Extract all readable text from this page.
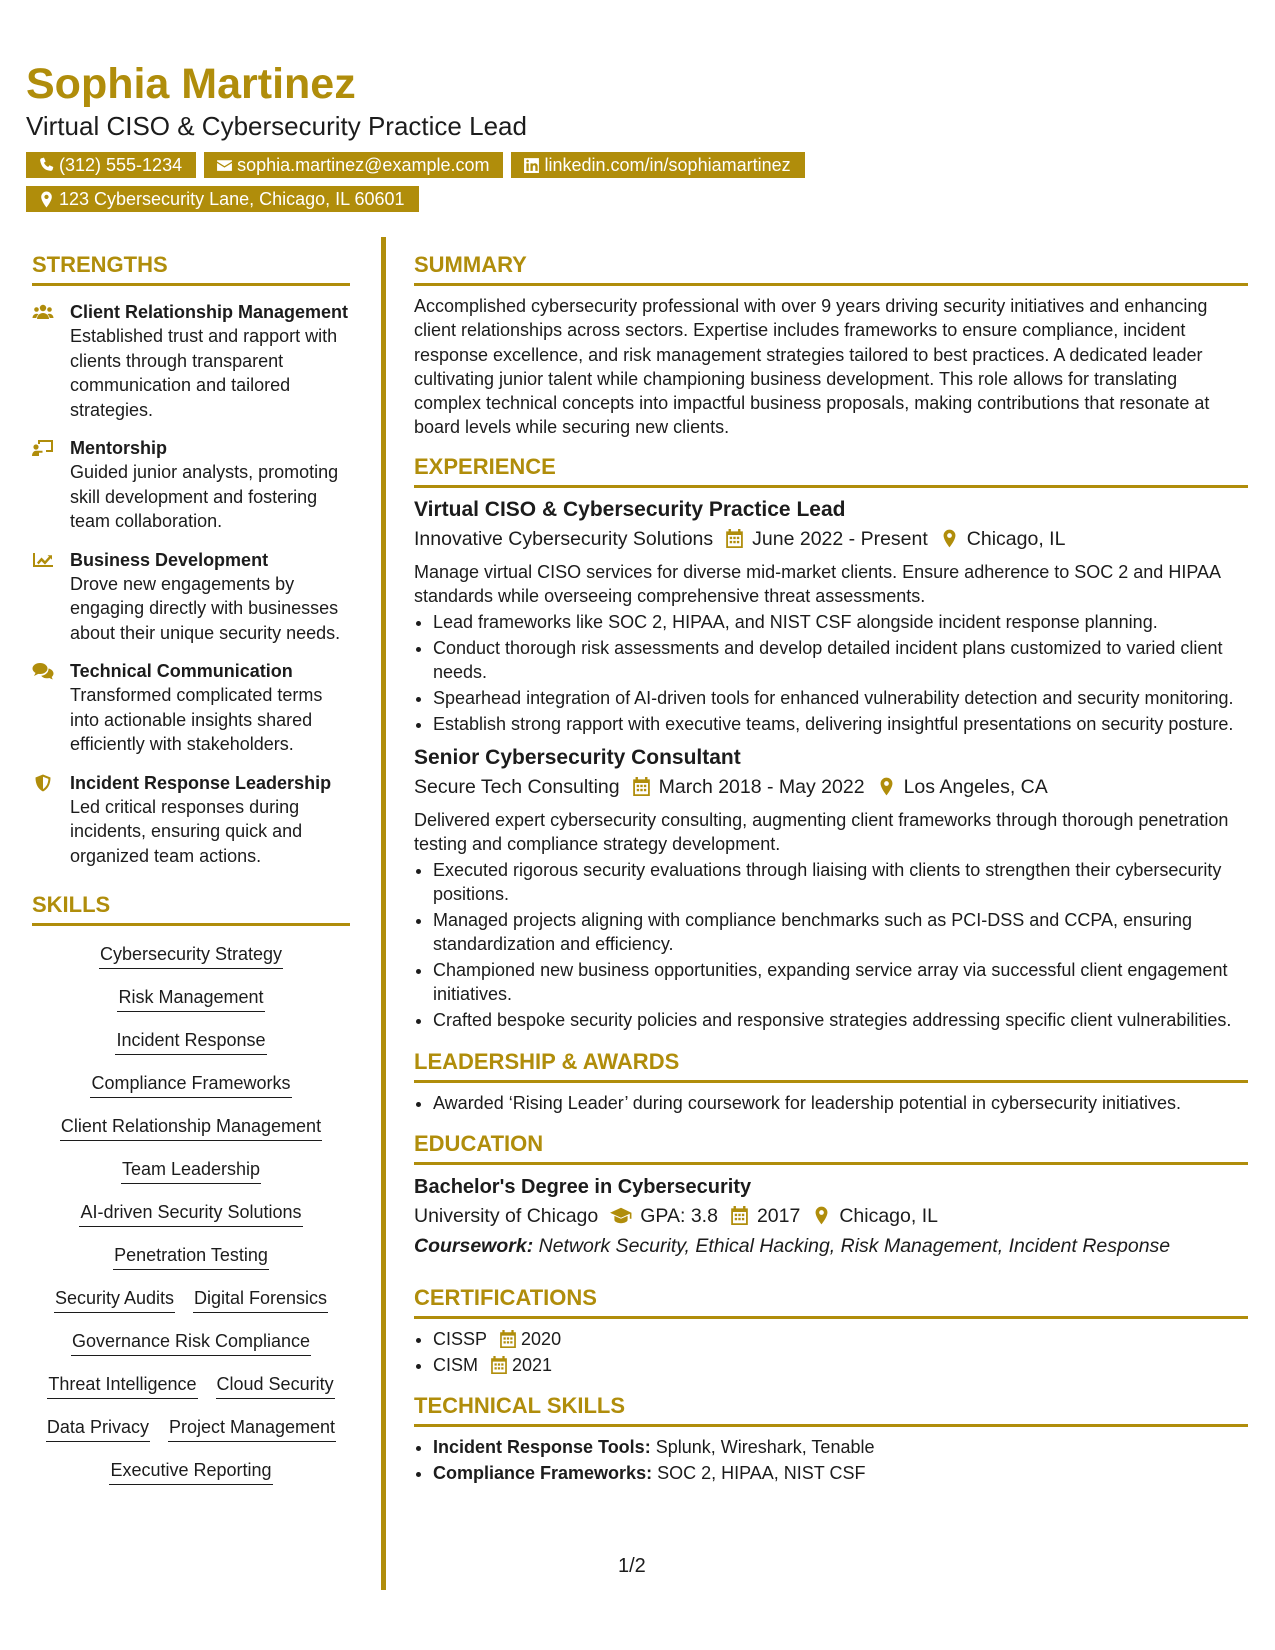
Sophia Martinez

Virtual CISO & Cybersecurity Practice Lead

(312) 555-1234	sophia.martinez@example.com	linkedin.com/in/sophiamartinez
123 Cybersecurity Lane, Chicago, IL 60601
STRENGTHS
Client Relationship Management
Established trust and rapport with clients through transparent communication and tailored strategies.
Mentorship
Guided junior analysts, promoting skill development and fostering team collaboration.
Business Development
Drove new engagements by engaging directly with businesses about their unique security needs.
Technical Communication
Transformed complicated terms into actionable insights shared efficiently with stakeholders.
Incident Response Leadership
Led critical responses during incidents, ensuring quick and organized team actions.
SKILLS
Cybersecurity Strategy
Risk Management
Incident Response
Compliance Frameworks
Client Relationship Management
Team Leadership
AI-driven Security Solutions
Penetration Testing
Security Audits Digital Forensics
Governance Risk Compliance
Threat Intelligence Cloud Security
Data Privacy Project Management
Executive Reporting
SUMMARY

Accomplished cybersecurity professional with over 9 years driving security initiatives and enhancing client relationships across sectors. Expertise includes frameworks to ensure compliance, incident response excellence, and risk management strategies tailored to best practices. A dedicated leader cultivating junior talent while championing business development. This role allows for translating complex technical concepts into impactful business proposals, making contributions that resonate at board levels while securing new clients.

EXPERIENCE
Virtual CISO & Cybersecurity Practice Lead
Innovative Cybersecurity Solutions June 2022 - Present Chicago, IL
Manage virtual CISO services for diverse mid-market clients. Ensure adherence to SOC 2 and HIPAA standards while overseeing comprehensive threat assessments.
• Lead frameworks like SOC 2, HIPAA, and NIST CSF alongside incident response planning.
• Conduct thorough risk assessments and develop detailed incident plans customized to varied client needs.
• Spearhead integration of AI-driven tools for enhanced vulnerability detection and security monitoring.
• Establish strong rapport with executive teams, delivering insightful presentations on security posture.
Senior Cybersecurity Consultant
Secure Tech Consulting March 2018 - May 2022 Los Angeles, CA
Delivered expert cybersecurity consulting, augmenting client frameworks through thorough penetration testing and compliance strategy development.
• Executed rigorous security evaluations through liaising with clients to strengthen their cybersecurity positions.
• Managed projects aligning with compliance benchmarks such as PCI-DSS and CCPA, ensuring standardization and efficiency.
• Championed new business opportunities, expanding service array via successful client engagement initiatives.
• Crafted bespoke security policies and responsive strategies addressing specific client vulnerabilities.
LEADERSHIP & AWARDS
• Awarded ‘Rising Leader’ during coursework for leadership potential in cybersecurity initiatives.
EDUCATION
Bachelor's Degree in Cybersecurity
University of Chicago GPA: 3.8 2017 Chicago, IL
Coursework: Network Security, Ethical Hacking, Risk Management, Incident Response
CERTIFICATIONS
• CISSP 2020
• CISM 2021
TECHNICAL SKILLS
• Incident Response Tools: Splunk, Wireshark, Tenable
• Compliance Frameworks: SOC 2, HIPAA, NIST CSF
1/2
